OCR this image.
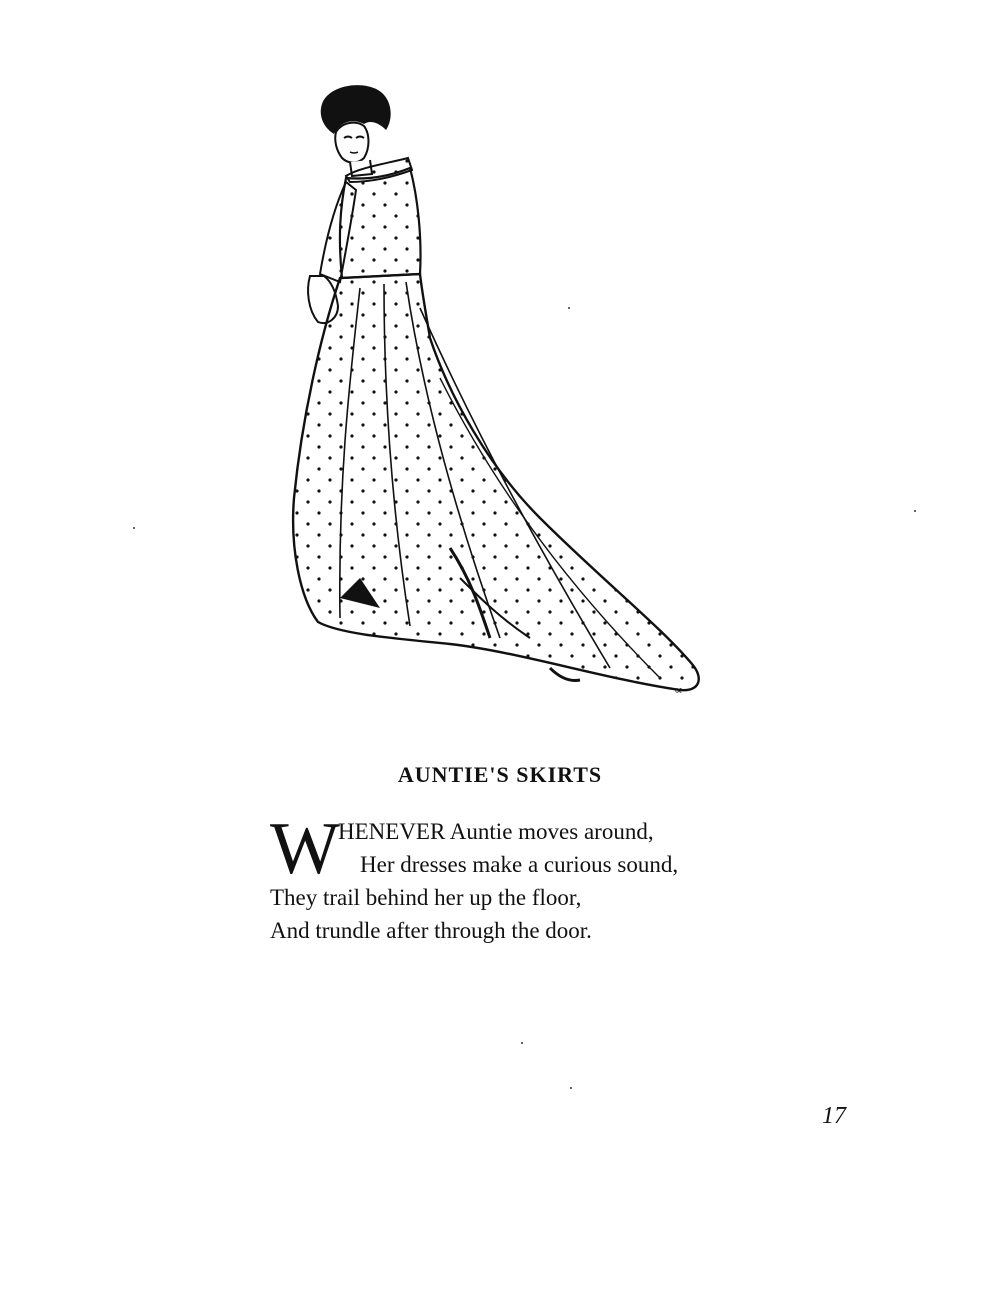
∝
AUNTIE'S SKIRTS
W
HENEVER Auntie moves around,
Her dresses make a curious sound,
They trail behind her up the floor,
And trundle after through the door.
17
